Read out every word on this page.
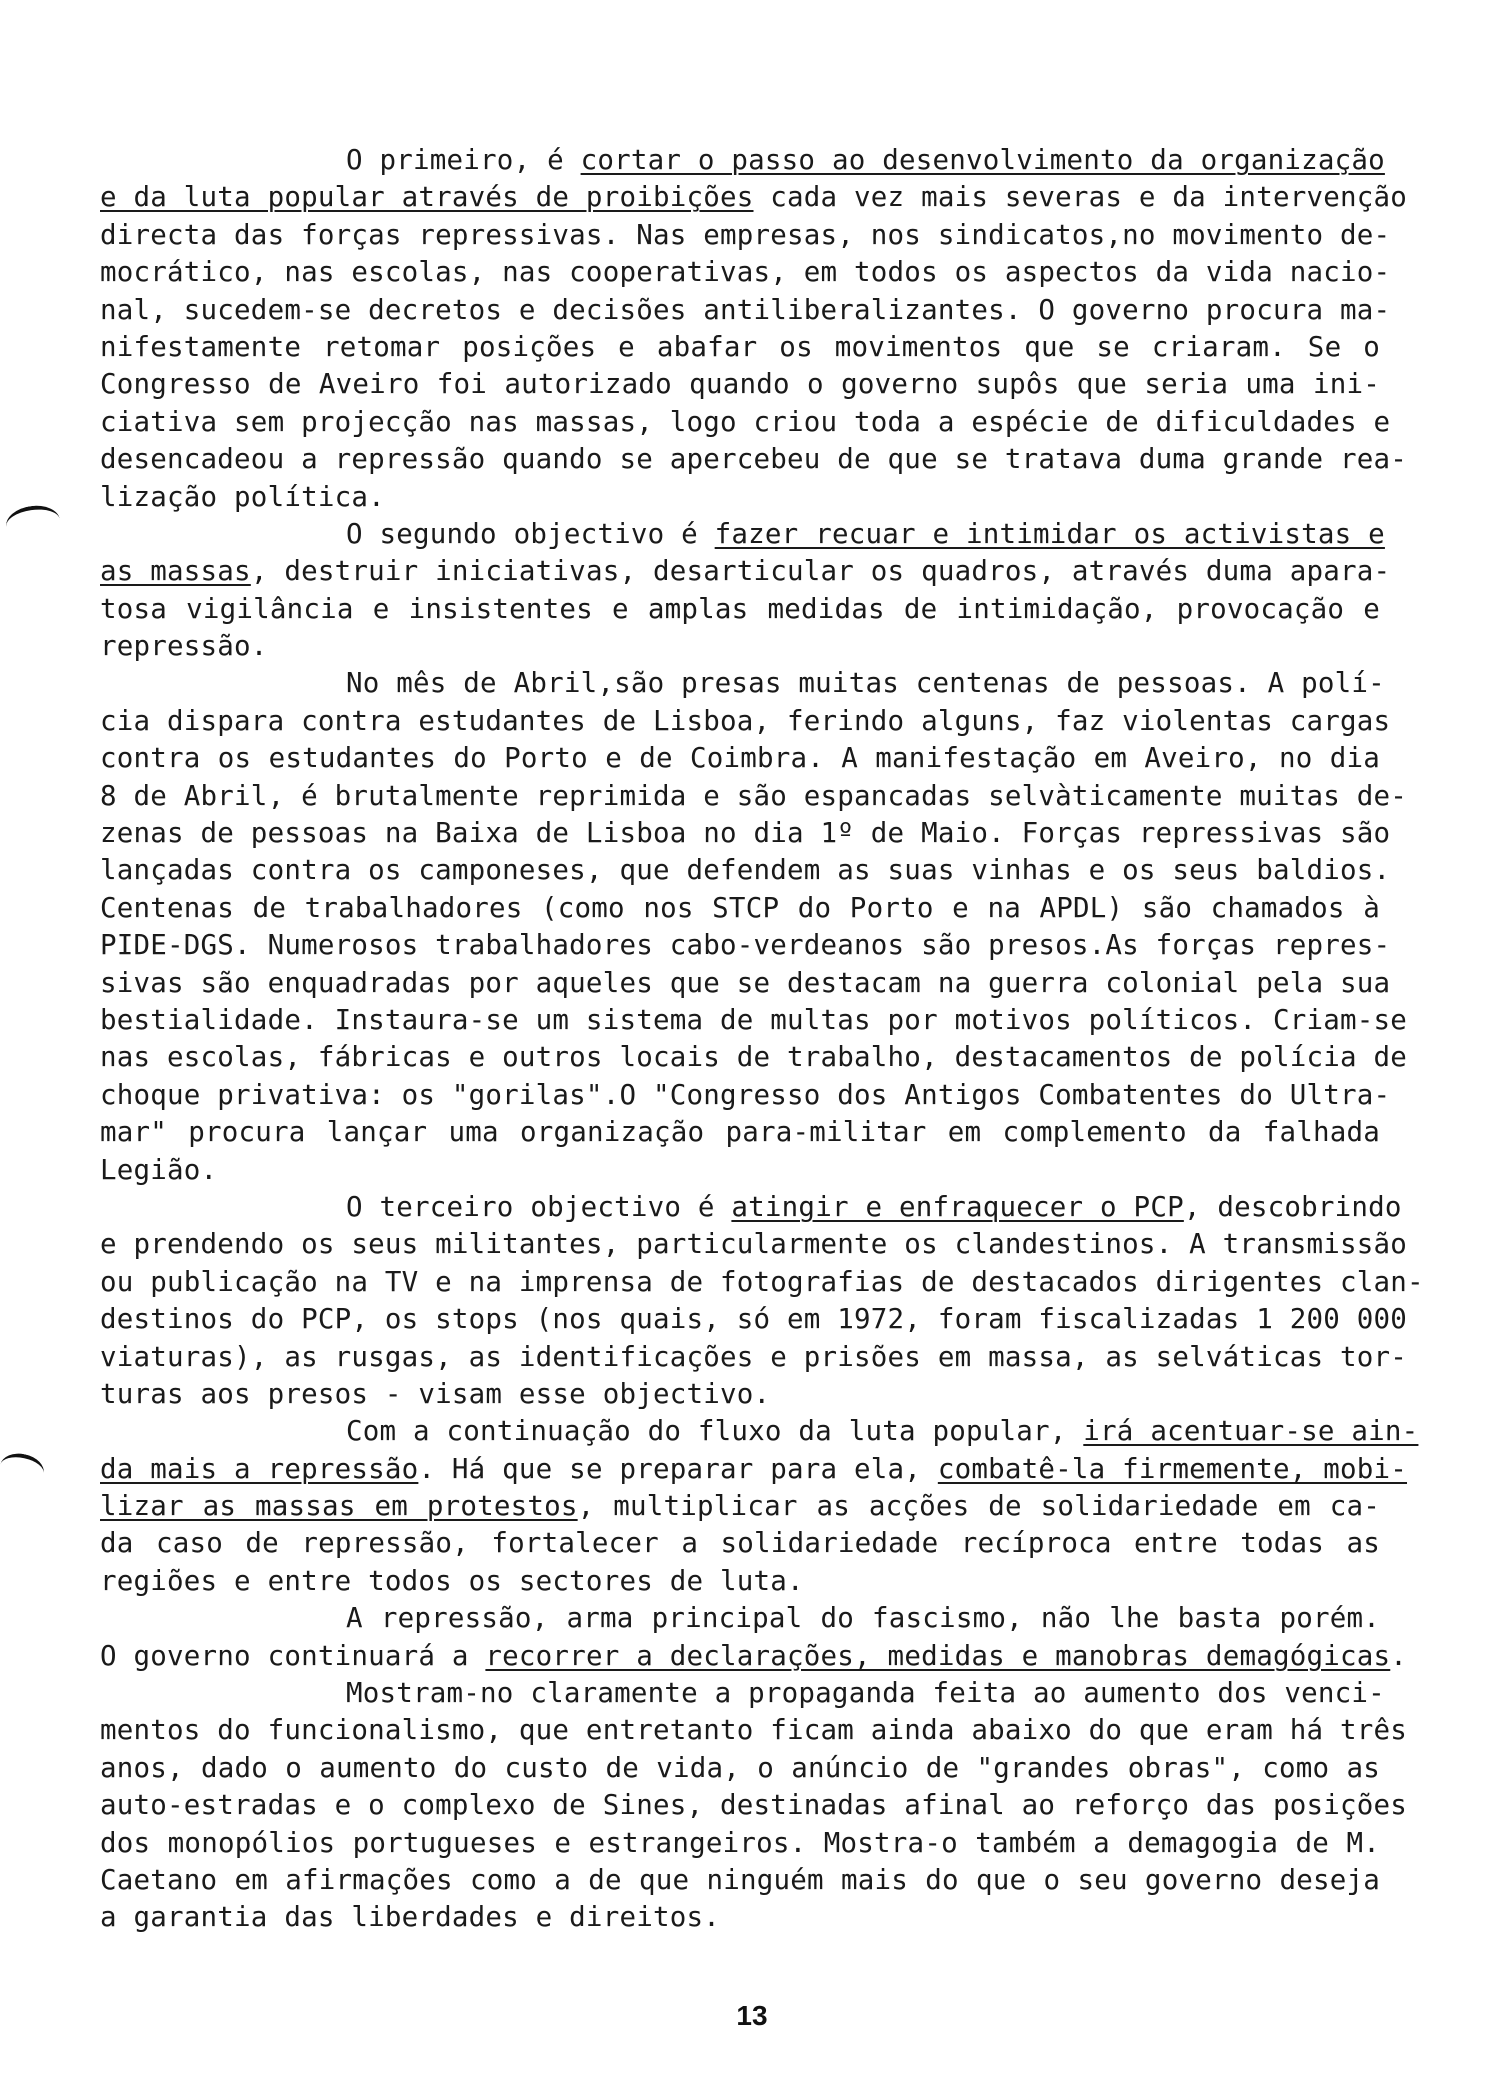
O primeiro, é cortar o passo ao desenvolvimento da organização
e da luta popular através de proibições cada vez mais severas e da intervenção
directa das forças repressivas. Nas empresas, nos sindicatos,no movimento de-
mocrático, nas escolas, nas cooperativas, em todos os aspectos da vida nacio-
nal, sucedem-se decretos e decisões antiliberalizantes. O governo procura ma-
nifestamente retomar posições e abafar os movimentos que se criaram. Se o
Congresso de Aveiro foi autorizado quando o governo supôs que seria uma ini-
ciativa sem projecção nas massas, logo criou toda a espécie de dificuldades e
desencadeou a repressão quando se apercebeu de que se tratava duma grande rea-
lização política.
O segundo objectivo é fazer recuar e intimidar os activistas e
as massas, destruir iniciativas, desarticular os quadros, através duma apara-
tosa vigilância e insistentes e amplas medidas de intimidação, provocação e
repressão.
No mês de Abril,são presas muitas centenas de pessoas. A polí-
cia dispara contra estudantes de Lisboa, ferindo alguns, faz violentas cargas
contra os estudantes do Porto e de Coimbra. A manifestação em Aveiro, no dia
8 de Abril, é brutalmente reprimida e são espancadas selvàticamente muitas de-
zenas de pessoas na Baixa de Lisboa no dia 1º de Maio. Forças repressivas são
lançadas contra os camponeses, que defendem as suas vinhas e os seus baldios.
Centenas de trabalhadores (como nos STCP do Porto e na APDL) são chamados à
PIDE-DGS. Numerosos trabalhadores cabo-verdeanos são presos.As forças repres-
sivas são enquadradas por aqueles que se destacam na guerra colonial pela sua
bestialidade. Instaura-se um sistema de multas por motivos políticos. Criam-se
nas escolas, fábricas e outros locais de trabalho, destacamentos de polícia de
choque privativa: os "gorilas".O "Congresso dos Antigos Combatentes do Ultra-
mar" procura lançar uma organização para-militar em complemento da falhada
Legião.
O terceiro objectivo é atingir e enfraquecer o PCP, descobrindo
e prendendo os seus militantes, particularmente os clandestinos. A transmissão
ou publicação na TV e na imprensa de fotografias de destacados dirigentes clan-
destinos do PCP, os stops (nos quais, só em 1972, foram fiscalizadas 1 200 000
viaturas), as rusgas, as identificações e prisões em massa, as selváticas tor-
turas aos presos - visam esse objectivo.
Com a continuação do fluxo da luta popular, irá acentuar-se ain-
da mais a repressão. Há que se preparar para ela, combatê-la firmemente, mobi-
lizar as massas em protestos, multiplicar as acções de solidariedade em ca-
da caso de repressão, fortalecer a solidariedade recíproca entre todas as
regiões e entre todos os sectores de luta.
A repressão, arma principal do fascismo, não lhe basta porém.
O governo continuará a recorrer a declarações, medidas e manobras demagógicas.
Mostram-no claramente a propaganda feita ao aumento dos venci-
mentos do funcionalismo, que entretanto ficam ainda abaixo do que eram há três
anos, dado o aumento do custo de vida, o anúncio de "grandes obras", como as
auto-estradas e o complexo de Sines, destinadas afinal ao reforço das posições
dos monopólios portugueses e estrangeiros. Mostra-o também a demagogia de M.
Caetano em afirmações como a de que ninguém mais do que o seu governo deseja
a garantia das liberdades e direitos.
13
